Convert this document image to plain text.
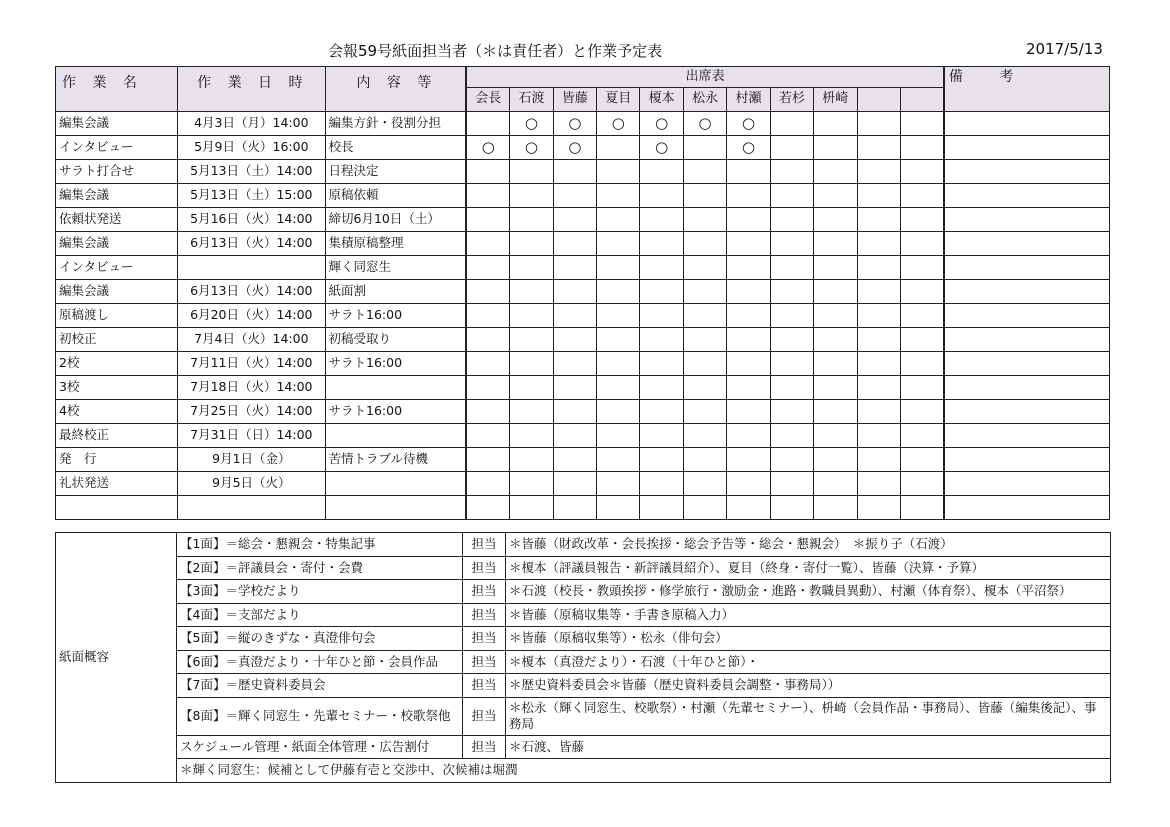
会報59号紙面担当者（＊は責任者）と作業予定表	2017/5/13
作 業 名	作 業 日 時	内 容 等	出席表											備 考
			会長	石渡	皆藤	夏目	榎本	松永	村瀬	若杉	枡崎			
編集会議	4月3日（月）14:00	編集方針・役割分担		○	○	○	○	○	○					
インタビュー	5月9日（火）16:00	校長	○	○	○		○		○					
サラト打合せ	5月13日（土）14:00	日程決定												
編集会議	5月13日（土）15:00	原稿依頼												
依頼状発送	5月16日（火）14:00	締切6月10日（土）												
編集会議	6月13日（火）14:00	集積原稿整理												
インタビュー		輝く同窓生												
編集会議	6月13日（火）14:00	紙面割												
原稿渡し	6月20日（火）14:00	サラト16:00												
初校正	7月4日（火）14:00	初稿受取り												
2校	7月11日（火）14:00	サラト16:00												
3校	7月18日（火）14:00													
4校	7月25日（火）14:00	サラト16:00												
最終校正	7月31日（日）14:00													
発　行	9月1日（金）	苦情トラブル待機												
礼状発送	9月5日（火）													

紙面概容	【1面】＝総会・懇親会・特集記事	担当	＊皆藤（財政改革・会長挨拶・総会予告等・総会・懇親会）　＊振り子（石渡）
	【2面】＝評議員会・寄付・会費	担当	＊榎本（評議員報告・新評議員紹介）、夏目（終身・寄付一覧）、皆藤（決算・予算）
	【3面】＝学校だより	担当	＊石渡（校長・教頭挨拶・修学旅行・激励金・進路・教職員異動）、村瀬（体育祭）、榎本（平沼祭）
	【4面】＝支部だより	担当	＊皆藤（原稿収集等・手書き原稿入力）
	【5面】＝縦のきずな・真澄俳句会	担当	＊皆藤（原稿収集等）・松永（俳句会）
	【6面】＝真澄だより・十年ひと節・会員作品	担当	＊榎本（真澄だより）・石渡（十年ひと節）・
	【7面】＝歴史資料委員会	担当	＊歴史資料委員会＊皆藤（歴史資料委員会調整・事務局））
	【8面】＝輝く同窓生・先輩セミナー・校歌祭他	担当	＊松永（輝く同窓生、校歌祭）・村瀬（先輩セミナー）、枡崎（会員作品・事務局）、皆藤（編集後記）、事務局
	スケジュール管理・紙面全体管理・広告割付	担当	＊石渡、皆藤
	＊輝く同窓生：候補として伊藤有壱と交渉中、次候補は堀潤		
